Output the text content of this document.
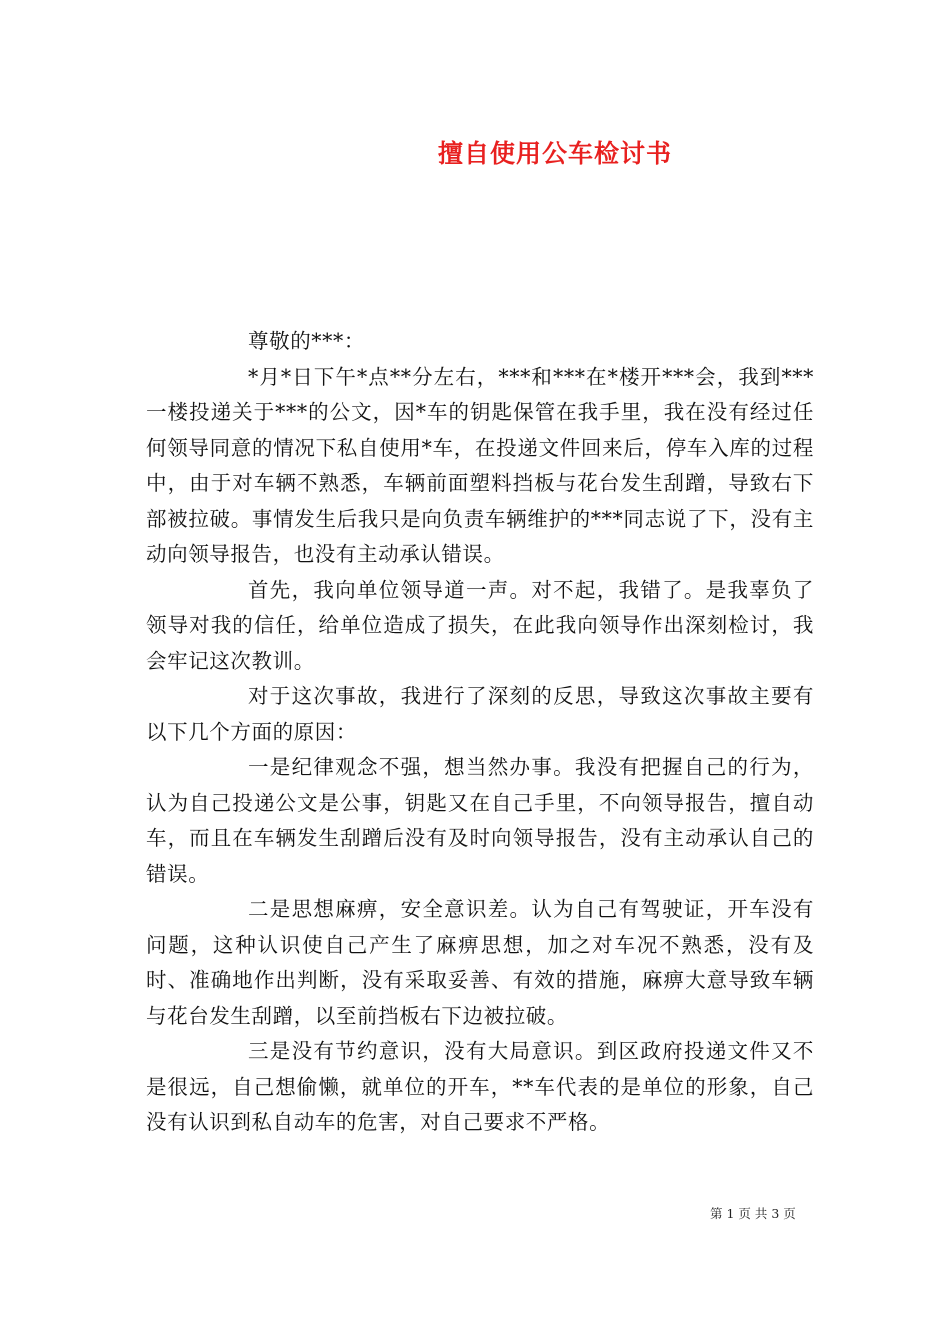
擅自使用公车检讨书

尊敬的***：

*月*日下午*点**分左右，***和***在*楼开***会，我到***一楼投递关于***的公文，因*车的钥匙保管在我手里，我在没有经过任何领导同意的情况下私自使用*车，在投递文件回来后，停车入库的过程中，由于对车辆不熟悉，车辆前面塑料挡板与花台发生刮蹭，导致右下部被拉破。事情发生后我只是向负责车辆维护的***同志说了下，没有主动向领导报告，也没有主动承认错误。

首先，我向单位领导道一声。对不起，我错了。是我辜负了领导对我的信任，给单位造成了损失，在此我向领导作出深刻检讨，我会牢记这次教训。

对于这次事故，我进行了深刻的反思，导致这次事故主要有以下几个方面的原因：

一是纪律观念不强，想当然办事。我没有把握自己的行为，认为自己投递公文是公事，钥匙又在自己手里，不向领导报告，擅自动车，而且在车辆发生刮蹭后没有及时向领导报告，没有主动承认自己的错误。

二是思想麻痹，安全意识差。认为自己有驾驶证，开车没有问题，这种认识使自己产生了麻痹思想，加之对车况不熟悉，没有及时、准确地作出判断，没有采取妥善、有效的措施，麻痹大意导致车辆与花台发生刮蹭，以至前挡板右下边被拉破。

三是没有节约意识，没有大局意识。到区政府投递文件又不是很远，自己想偷懒，就单位的开车，**车代表的是单位的形象，自己没有认识到私自动车的危害，对自己要求不严格。

第 1 页 共 3 页
